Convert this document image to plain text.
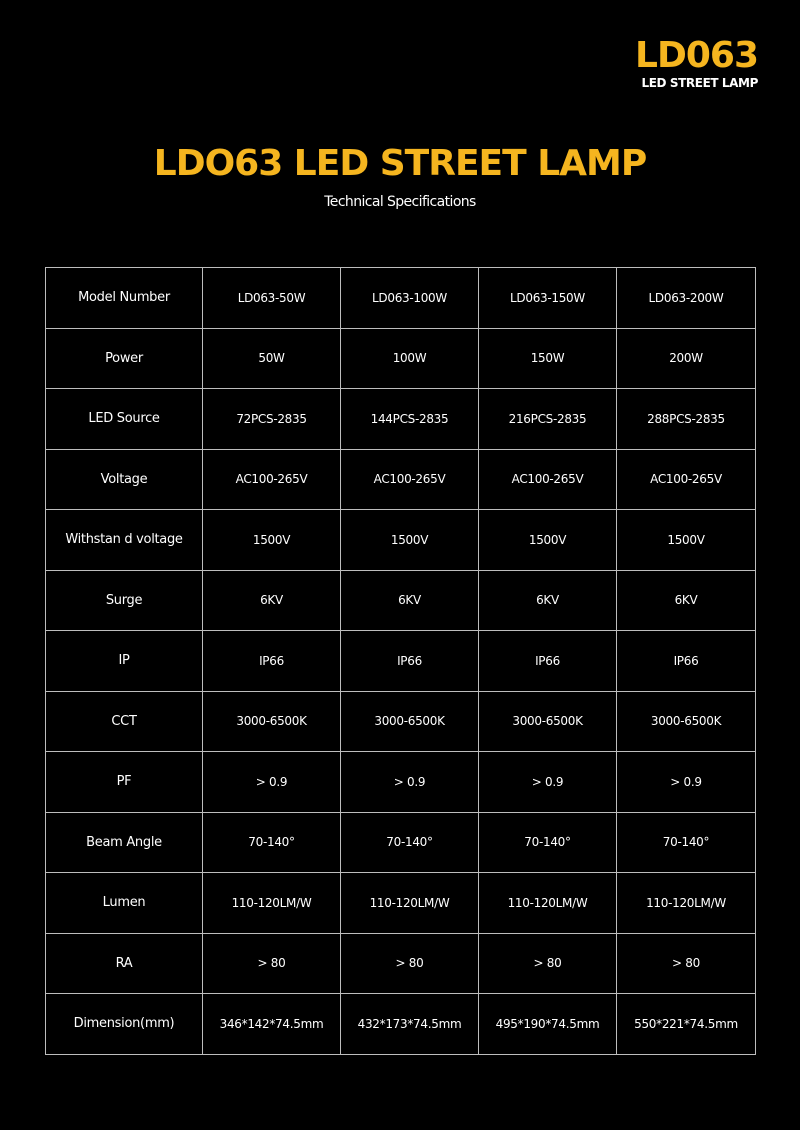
LD063
LED STREET LAMP
LDO63 LED STREET LAMP
Technical Specifications
Model Number	LD063-50W	LD063-100W	LD063-150W	LD063-200W
Power	50W	100W	150W	200W
LED Source	72PCS-2835	144PCS-2835	216PCS-2835	288PCS-2835
Voltage	AC100-265V	AC100-265V	AC100-265V	AC100-265V
Withstan d voltage	1500V	1500V	1500V	1500V
Surge	6KV	6KV	6KV	6KV
IP	IP66	IP66	IP66	IP66
CCT	3000-6500K	3000-6500K	3000-6500K	3000-6500K
PF	> 0.9	> 0.9	> 0.9	> 0.9
Beam Angle	70-140°	70-140°	70-140°	70-140°
Lumen	110-120LM/W	110-120LM/W	110-120LM/W	110-120LM/W
RA	> 80	> 80	> 80	> 80
Dimension(mm)	346*142*74.5mm	432*173*74.5mm	495*190*74.5mm	550*221*74.5mm
